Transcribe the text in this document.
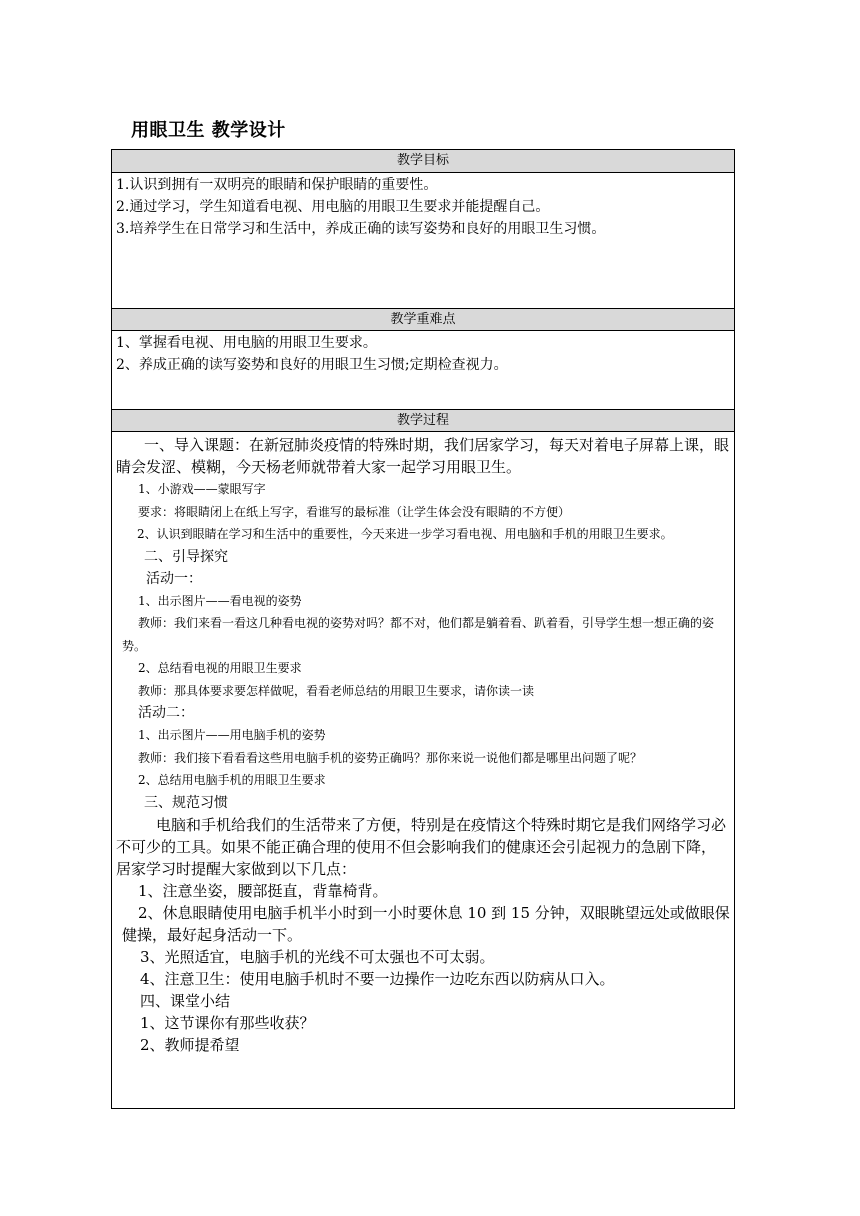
用眼卫生 教学设计
教学目标
1.认识到拥有一双明亮的眼睛和保护眼睛的重要性。
2.通过学习，学生知道看电视、用电脑的用眼卫生要求并能提醒自己。
3.培养学生在日常学习和生活中，养成正确的读写姿势和良好的用眼卫生习惯。
教学重难点
1、掌握看电视、用电脑的用眼卫生要求。
2、养成正确的读写姿势和良好的用眼卫生习惯;定期检查视力。
教学过程
一、导入课题：在新冠肺炎疫情的特殊时期，我们居家学习，每天对着电子屏幕上课，眼睛会发涩、模糊，今天杨老师就带着大家一起学习用眼卫生。
1、小游戏——蒙眼写字
要求：将眼睛闭上在纸上写字，看谁写的最标准（让学生体会没有眼睛的不方便）
2、认识到眼睛在学习和生活中的重要性，今天来进一步学习看电视、用电脑和手机的用眼卫生要求。
二、引导探究
活动一：
1、出示图片——看电视的姿势
教师：我们来看一看这几种看电视的姿势对吗？都不对，他们都是躺着看、趴着看，引导学生想一想正确的姿势。
2、总结看电视的用眼卫生要求
教师：那具体要求要怎样做呢，看看老师总结的用眼卫生要求，请你读一读
活动二：
1、出示图片——用电脑手机的姿势
教师：我们接下看看看这些用电脑手机的姿势正确吗？那你来说一说他们都是哪里出问题了呢？
2、总结用电脑手机的用眼卫生要求
三、规范习惯
电脑和手机给我们的生活带来了方便，特别是在疫情这个特殊时期它是我们网络学习必不可少的工具。如果不能正确合理的使用不但会影响我们的健康还会引起视力的急剧下降，居家学习时提醒大家做到以下几点：
1、注意坐姿，腰部挺直，背靠椅背。
2、休息眼睛使用电脑手机半小时到一小时要休息 10 到 15 分钟，双眼眺望远处或做眼保健操，最好起身活动一下。
3、光照适宜，电脑手机的光线不可太强也不可太弱。
4、注意卫生：使用电脑手机时不要一边操作一边吃东西以防病从口入。
四、课堂小结
1、这节课你有那些收获？
2、教师提希望
